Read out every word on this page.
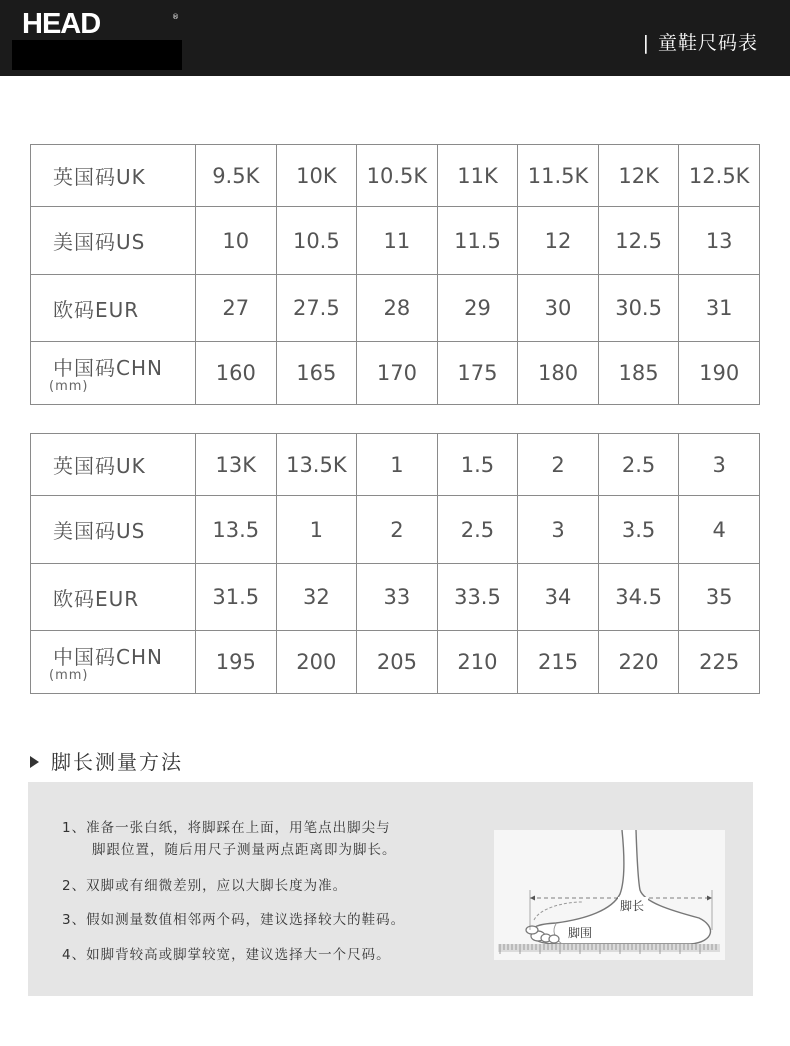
HEAD	®
| 童鞋尺码表
英国码UK	9.5K	10K	10.5K	11K	11.5K	12K	12.5K
美国码US	10	10.5	11	11.5	12	12.5	13
欧码EUR	27	27.5	28	29	30	30.5	31
中国码CHN
(mm)	160	165	170	175	180	185	190
英国码UK	13K	13.5K	1	1.5	2	2.5	3
美国码US	13.5	1	2	2.5	3	3.5	4
欧码EUR	31.5	32	33	33.5	34	34.5	35
中国码CHN
(mm)	195	200	205	210	215	220	225
脚长测量方法
1、准备一张白纸，将脚踩在上面，用笔点出脚尖与
脚跟位置，随后用尺子测量两点距离即为脚长。
2、双脚或有细微差别，应以大脚长度为准。
3、假如测量数值相邻两个码，建议选择较大的鞋码。
4、如脚背较高或脚掌较宽，建议选择大一个尺码。
脚长
脚围
